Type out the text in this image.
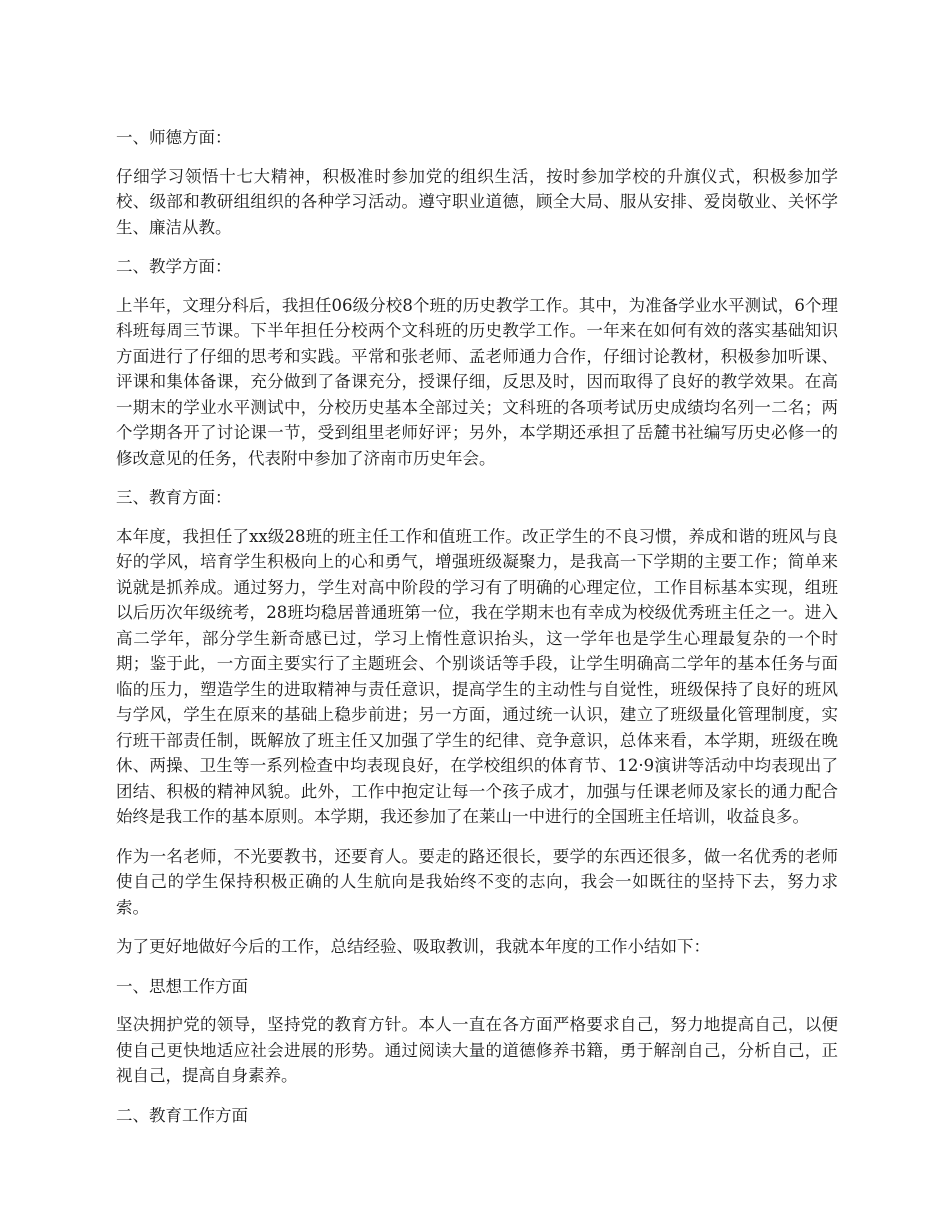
一、师德方面：

仔细学习领悟十七大精神，积极准时参加党的组织生活，按时参加学校的升旗仪式，积极参加学校、级部和教研组组织的各种学习活动。遵守职业道德，顾全大局、服从安排、爱岗敬业、关怀学生、廉洁从教。

二、教学方面：

上半年，文理分科后，我担任06级分校8个班的历史教学工作。其中，为准备学业水平测试，6个理科班每周三节课。下半年担任分校两个文科班的历史教学工作。一年来在如何有效的落实基础知识方面进行了仔细的思考和实践。平常和张老师、孟老师通力合作，仔细讨论教材，积极参加听课、评课和集体备课，充分做到了备课充分，授课仔细，反思及时，因而取得了良好的教学效果。在高一期末的学业水平测试中，分校历史基本全部过关；文科班的各项考试历史成绩均名列一二名；两个学期各开了讨论课一节，受到组里老师好评；另外，本学期还承担了岳麓书社编写历史必修一的修改意见的任务，代表附中参加了济南市历史年会。

三、教育方面：

本年度，我担任了xx级28班的班主任工作和值班工作。改正学生的不良习惯，养成和谐的班风与良好的学风，培育学生积极向上的心和勇气，增强班级凝聚力，是我高一下学期的主要工作；简单来说就是抓养成。通过努力，学生对高中阶段的学习有了明确的心理定位，工作目标基本实现，组班以后历次年级统考，28班均稳居普通班第一位，我在学期末也有幸成为校级优秀班主任之一。进入高二学年，部分学生新奇感已过，学习上惰性意识抬头，这一学年也是学生心理最复杂的一个时期；鉴于此，一方面主要实行了主题班会、个别谈话等手段，让学生明确高二学年的基本任务与面临的压力，塑造学生的进取精神与责任意识，提高学生的主动性与自觉性，班级保持了良好的班风与学风，学生在原来的基础上稳步前进；另一方面，通过统一认识，建立了班级量化管理制度，实行班干部责任制，既解放了班主任又加强了学生的纪律、竞争意识，总体来看，本学期，班级在晚休、两操、卫生等一系列检查中均表现良好，在学校组织的体育节、12·9演讲等活动中均表现出了团结、积极的精神风貌。此外，工作中抱定让每一个孩子成才，加强与任课老师及家长的通力配合始终是我工作的基本原则。本学期，我还参加了在莱山一中进行的全国班主任培训，收益良多。

作为一名老师，不光要教书，还要育人。要走的路还很长，要学的东西还很多，做一名优秀的老师使自己的学生保持积极正确的人生航向是我始终不变的志向，我会一如既往的坚持下去，努力求索。

为了更好地做好今后的工作，总结经验、吸取教训，我就本年度的工作小结如下：

一、思想工作方面

坚决拥护党的领导，坚持党的教育方针。本人一直在各方面严格要求自己，努力地提高自己，以便使自己更快地适应社会进展的形势。通过阅读大量的道德修养书籍，勇于解剖自己，分析自己，正视自己，提高自身素养。

二、教育工作方面
